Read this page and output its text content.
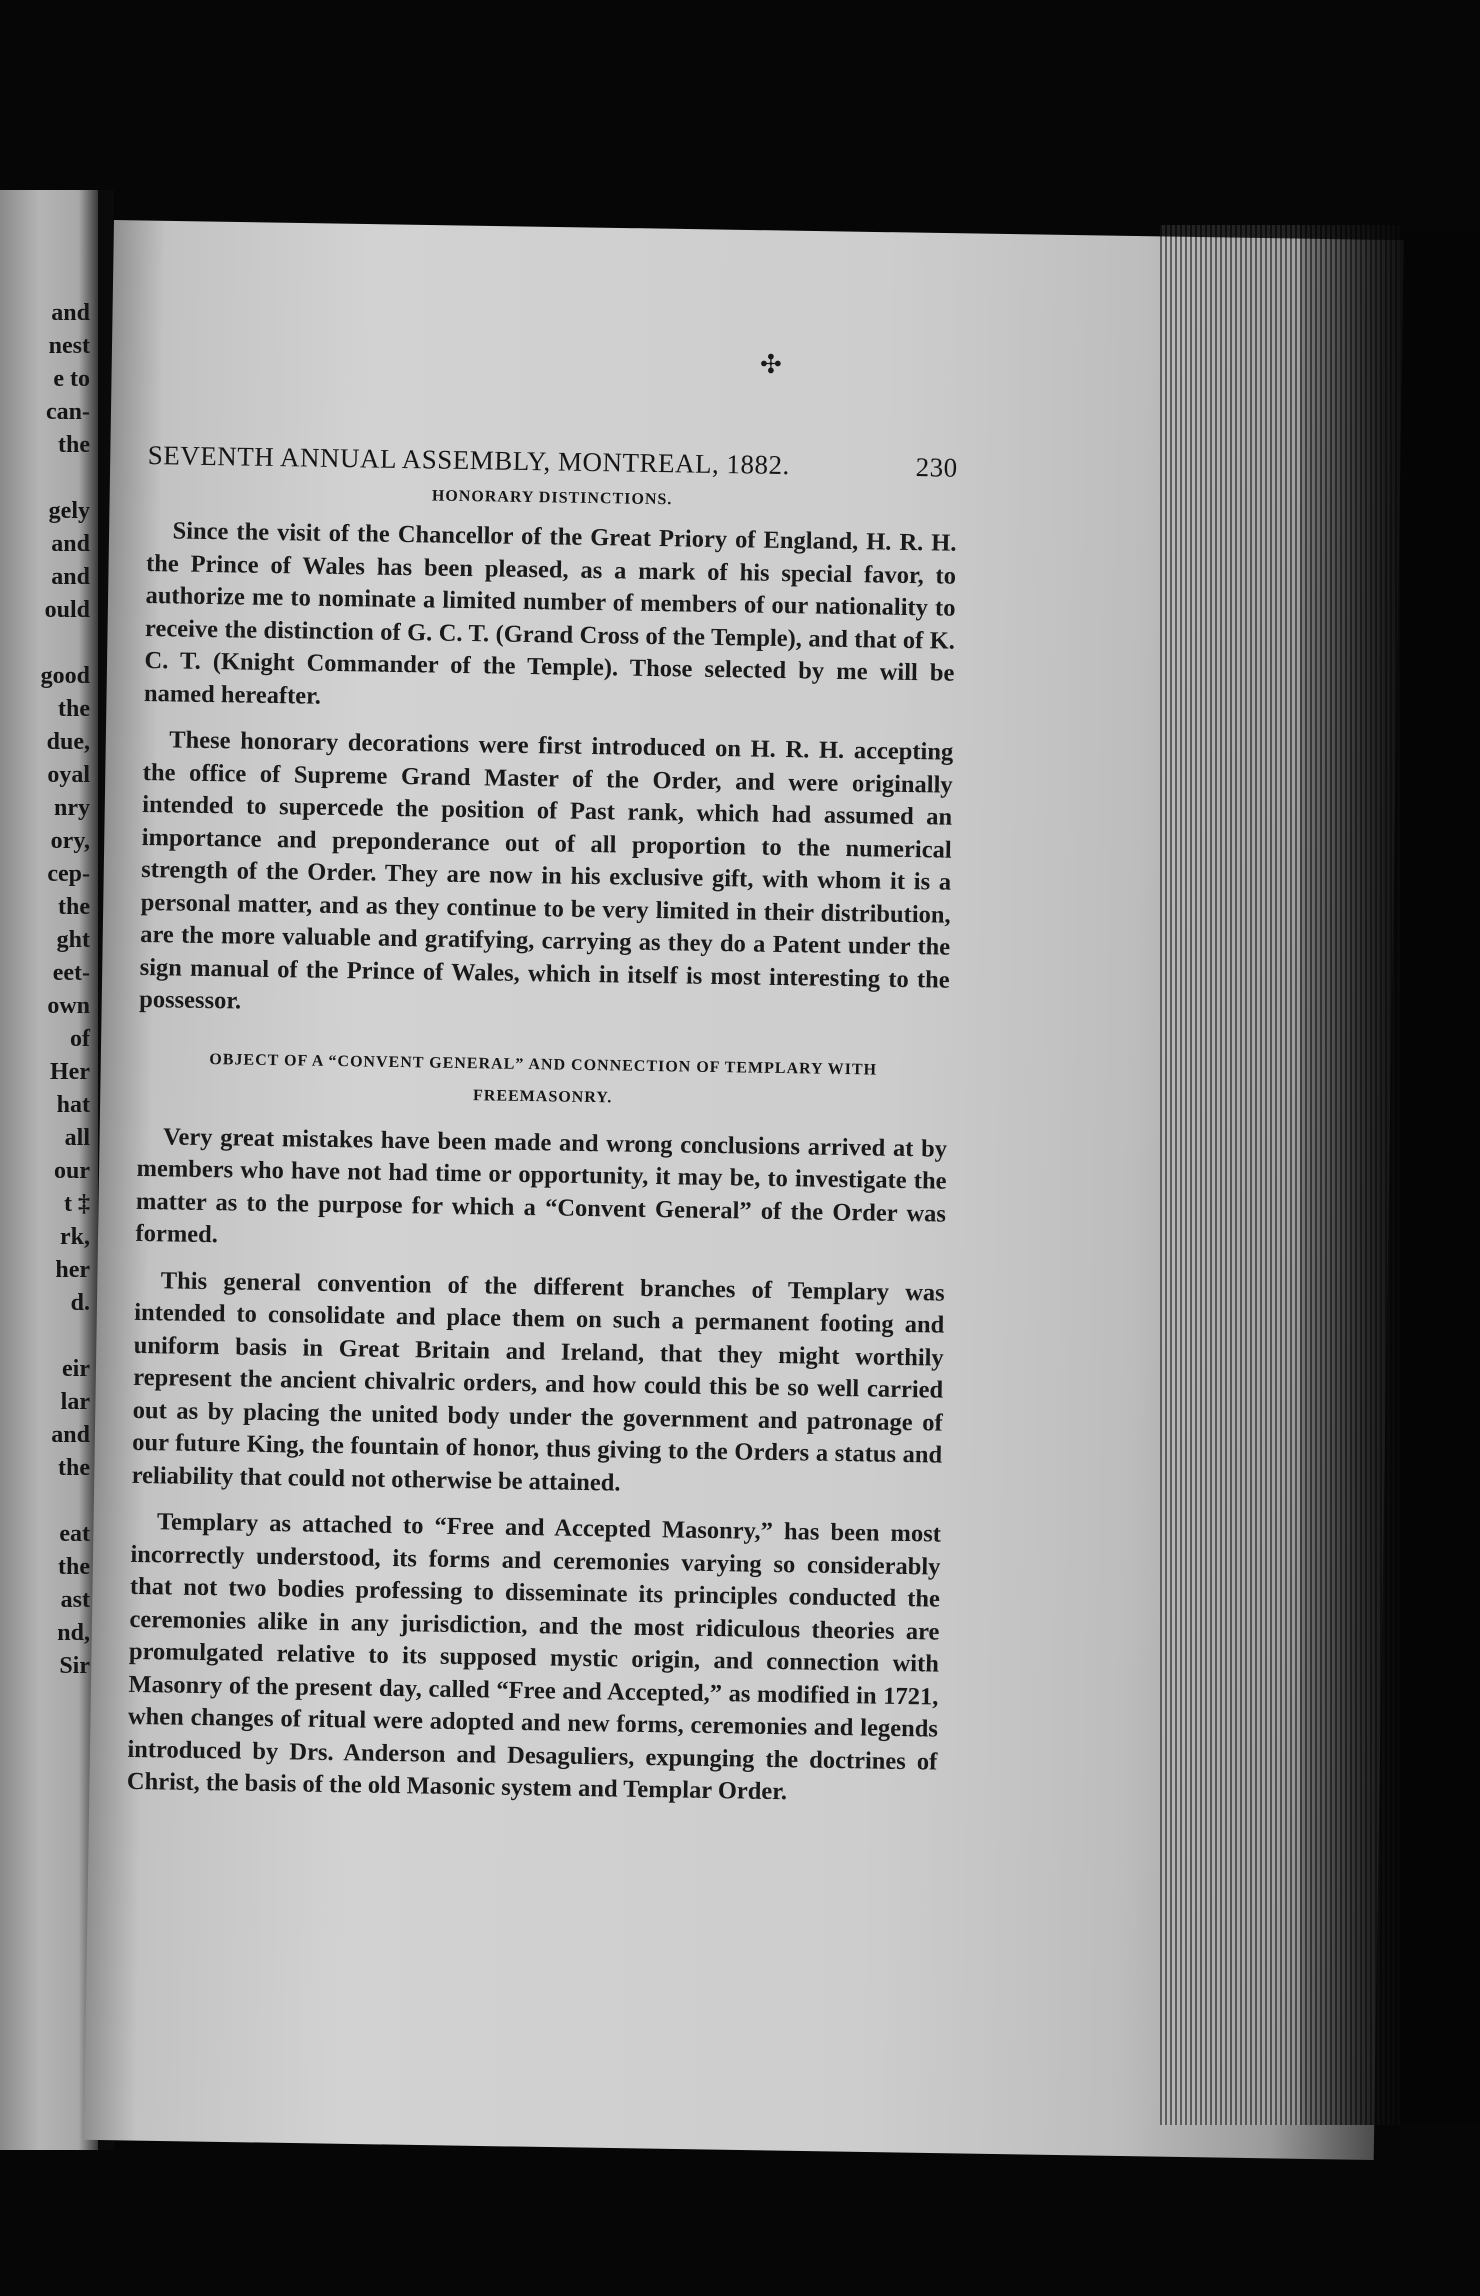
and
nest
e to
can-
the
gely
and
and
ould
good
the
due,
oyal
nry
ory,
cep-
the
ght
eet-
own
of
Her
hat
all
our
t ‡
rk,
her
d.
eir
lar
and
the
eat
the
ast
nd,
Sir
✣
SEVENTH ANNUAL ASSEMBLY, MONTREAL, 1882.	230
HONORARY DISTINCTIONS.

Since the visit of the Chancellor of the Great Priory of England, H. R. H. the Prince of Wales has been pleased, as a mark of his special favor, to authorize me to nominate a limited number of members of our nationality to receive the distinction of G. C. T. (Grand Cross of the Temple), and that of K. C. T. (Knight Commander of the Temple). Those selected by me will be named hereafter.

These honorary decorations were first introduced on H. R. H. accepting the office of Supreme Grand Master of the Order, and were originally intended to supercede the position of Past rank, which had assumed an importance and preponderance out of all proportion to the numerical strength of the Order. They are now in his exclusive gift, with whom it is a personal matter, and as they continue to be very limited in their distribution, are the more valuable and gratifying, carrying as they do a Patent under the sign manual of the Prince of Wales, which in itself is most interesting to the possessor.

OBJECT OF A “CONVENT GENERAL” AND CONNECTION OF TEMPLARY WITH FREEMASONRY.

Very great mistakes have been made and wrong conclusions arrived at by members who have not had time or opportunity, it may be, to investigate the matter as to the purpose for which a “Convent General” of the Order was formed.

This general convention of the different branches of Templary was intended to consolidate and place them on such a permanent footing and uniform basis in Great Britain and Ireland, that they might worthily represent the ancient chivalric orders, and how could this be so well carried out as by placing the united body under the government and patronage of our future King, the fountain of honor, thus giving to the Orders a status and reliability that could not otherwise be attained.

Templary as attached to “Free and Accepted Masonry,” has been most incorrectly understood, its forms and ceremonies varying so considerably that not two bodies professing to disseminate its principles conducted the ceremonies alike in any jurisdiction, and the most ridiculous theories are promulgated relative to its supposed mystic origin, and connection with Masonry of the present day, called “Free and Accepted,” as modified in 1721, when changes of ritual were adopted and new forms, ceremonies and legends introduced by Drs. Anderson and Desaguliers, expunging the doctrines of Christ, the basis of the old Masonic system and Templar Order.
